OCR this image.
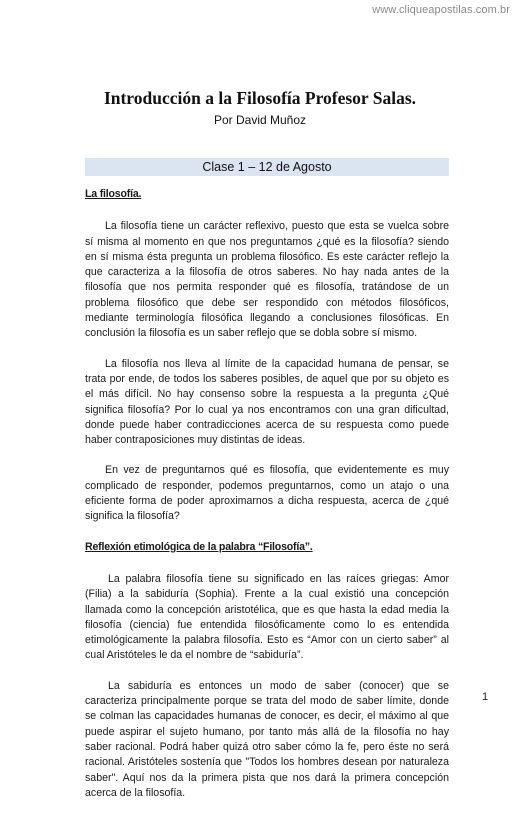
www.cliqueapostilas.com.br
Introducción a la Filosofía Profesor Salas.
Por David Muñoz
Clase 1 – 12 de Agosto
La filosofía.

La filosofía tiene un carácter reflexivo, puesto que esta se vuelca sobre sí misma al momento en que nos preguntamos ¿qué es la filosofía? siendo en sí misma ésta pregunta un problema filosófico. Es este carácter reflejo la que caracteriza a la filosofía de otros saberes. No hay nada antes de la filosofía que nos permita responder qué es filosofía, tratándose de un problema filosófico que debe ser respondido con métodos filosóficos, mediante terminología filosófica llegando a conclusiones filosóficas. En conclusión la filosofía es un saber reflejo que se dobla sobre sí mismo.

La filosofía nos lleva al límite de la capacidad humana de pensar, se trata por ende, de todos los saberes posibles, de aquel que por su objeto es el más difícil. No hay consenso sobre la respuesta a la pregunta ¿Qué significa filosofía? Por lo cual ya nos encontramos con una gran dificultad, donde puede haber contradicciones acerca de su respuesta como puede haber contraposiciones muy distintas de ideas.

En vez de preguntarnos qué es filosofía, que evidentemente es muy complicado de responder, podemos preguntarnos, como un atajo o una eficiente forma de poder aproximarnos a dicha respuesta, acerca de ¿qué significa la filosofía?

Reflexión etimológica de la palabra “Filosofía”.

La palabra filosofía tiene su significado en las raíces griegas: Amor (Filia) a la sabiduría (Sophia). Frente a la cual existió una concepción llamada como la concepción aristotélica, que es que hasta la edad media la filosofía (ciencia) fue entendida filosóficamente como lo es entendida etimológicamente la palabra filosofía. Esto es “Amor con un cierto saber” al cual Aristóteles le da el nombre de “sabiduría”.

La sabiduría es entonces un modo de saber (conocer) que se caracteriza principalmente porque se trata del modo de saber límite, donde se colman las capacidades humanas de conocer, es decir, el máximo al que puede aspirar el sujeto humano, por tanto más allá de la filosofía no hay saber racional. Podrá haber quizá otro saber cómo la fe, pero éste no será racional. Aristóteles sostenía que "Todos los hombres desean por naturaleza saber". Aquí nos da la primera pista que nos dará la primera concepción acerca de la filosofía.

1
